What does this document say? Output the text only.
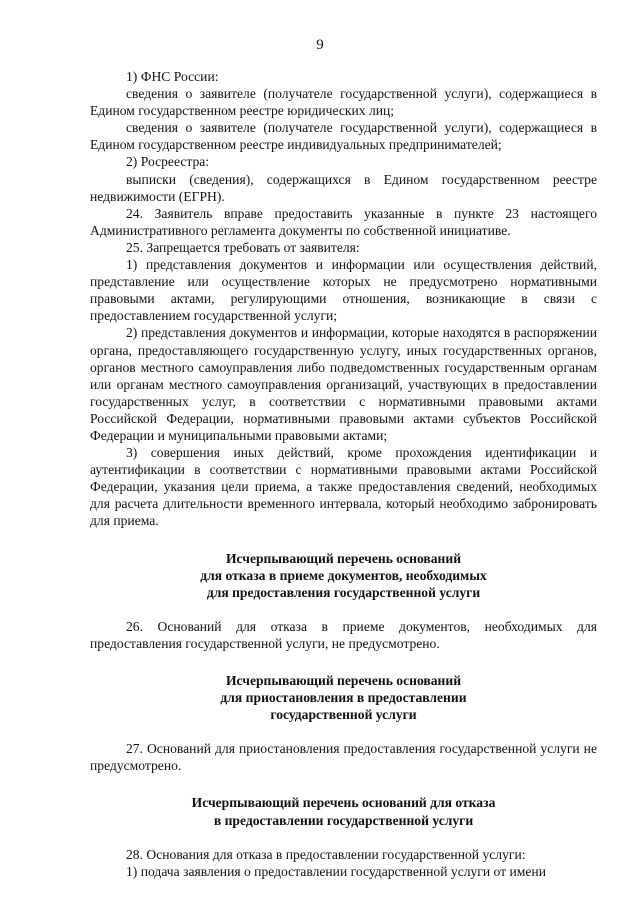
9

1) ФНС России:

сведения о заявителе (получателе государственной услуги), содержащиеся в Едином государственном реестре юридических лиц;

сведения о заявителе (получателе государственной услуги), содержащиеся в Едином государственном реестре индивидуальных предпринимателей;

2) Росреестра:

выписки (сведения), содержащихся в Едином государственном реестре недвижимости (ЕГРН).

24. Заявитель вправе предоставить указанные в пункте 23 настоящего Административного регламента документы по собственной инициативе.

25. Запрещается требовать от заявителя:

1) представления документов и информации или осуществления действий, представление или осуществление которых не предусмотрено нормативными правовыми актами, регулирующими отношения, возникающие в связи с предоставлением государственной услуги;

2) представления документов и информации, которые находятся в распоряжении органа, предоставляющего государственную услугу, иных государственных органов, органов местного самоуправления либо подведомственных государственным органам или органам местного самоуправления организаций, участвующих в предоставлении государственных услуг, в соответствии с нормативными правовыми актами Российской Федерации, нормативными правовыми актами субъектов Российской Федерации и муниципальными правовыми актами;

3) совершения иных действий, кроме прохождения идентификации и аутентификации в соответствии с нормативными правовыми актами Российской Федерации, указания цели приема, а также предоставления сведений, необходимых для расчета длительности временного интервала, который необходимо забронировать для приема.

Исчерпывающий перечень оснований
для отказа в приеме документов, необходимых
для предоставления государственной услуги

26. Оснований для отказа в приеме документов, необходимых для предоставления государственной услуги, не предусмотрено.

Исчерпывающий перечень оснований
для приостановления в предоставлении
государственной услуги

27. Оснований для приостановления предоставления государственной услуги не предусмотрено.

Исчерпывающий перечень оснований для отказа
в предоставлении государственной услуги

28. Основания для отказа в предоставлении государственной услуги:

1) подача заявления о предоставлении государственной услуги от имени
